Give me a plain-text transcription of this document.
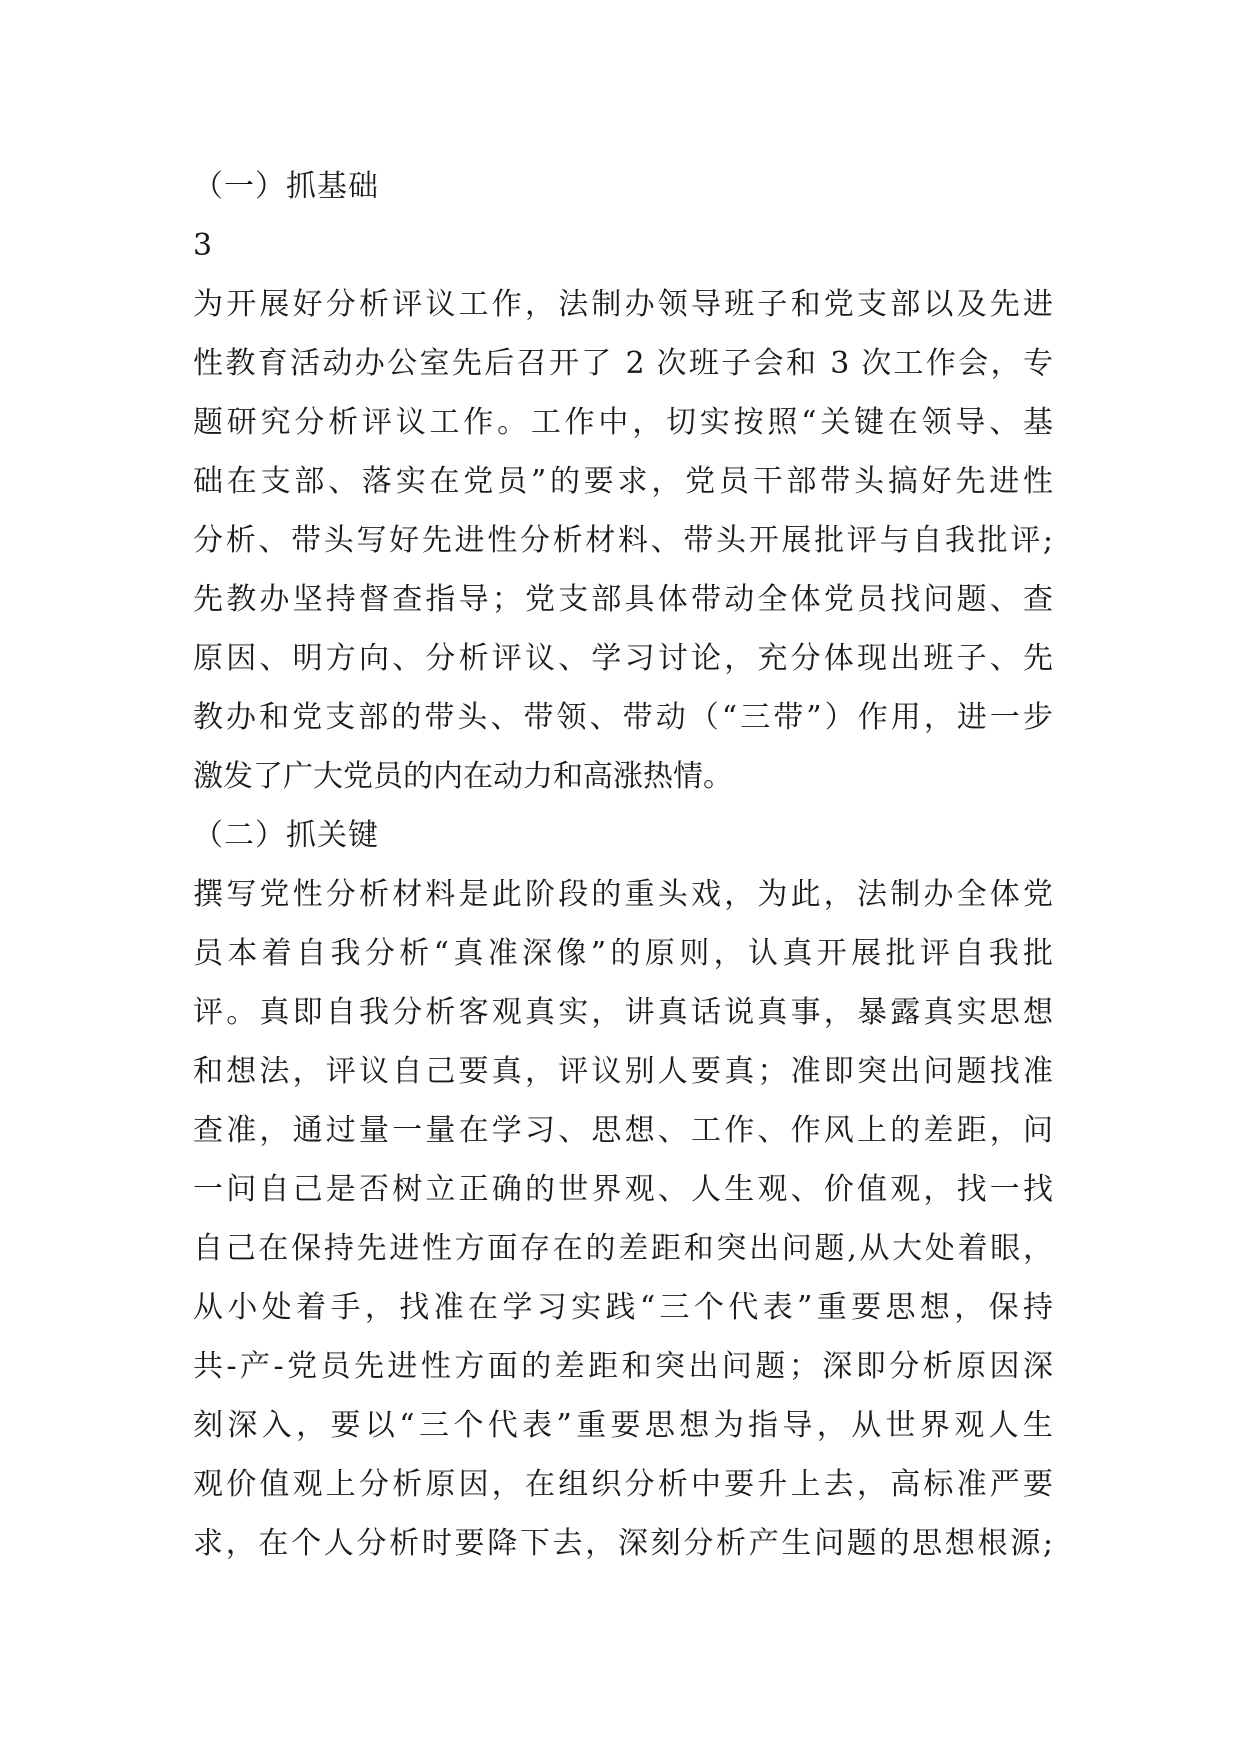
（一）抓基础
3
为开展好分析评议工作，法制办领导班子和党支部以及先进
性教育活动办公室先后召开了 2 次班子会和 3 次工作会，专
题研究分析评议工作。工作中，切实按照“关键在领导、基
础在支部、落实在党员”的要求，党员干部带头搞好先进性
分析、带头写好先进性分析材料、带头开展批评与自我批评;
先教办坚持督查指导；党支部具体带动全体党员找问题、查
原因、明方向、分析评议、学习讨论，充分体现出班子、先
教办和党支部的带头、带领、带动（“三带”）作用，进一步
激发了广大党员的内在动力和高涨热情。
（二）抓关键
撰写党性分析材料是此阶段的重头戏，为此，法制办全体党
员本着自我分析“真准深像”的原则，认真开展批评自我批
评。真即自我分析客观真实，讲真话说真事，暴露真实思想
和想法，评议自己要真，评议别人要真；准即突出问题找准
查准，通过量一量在学习、思想、工作、作风上的差距，问
一问自己是否树立正确的世界观、人生观、价值观，找一找
自己在保持先进性方面存在的差距和突出问题,从大处着眼，
从小处着手，找准在学习实践“三个代表”重要思想，保持
共-产-党员先进性方面的差距和突出问题；深即分析原因深
刻深入，要以“三个代表”重要思想为指导，从世界观人生
观价值观上分析原因，在组织分析中要升上去，高标准严要
求，在个人分析时要降下去，深刻分析产生问题的思想根源;
